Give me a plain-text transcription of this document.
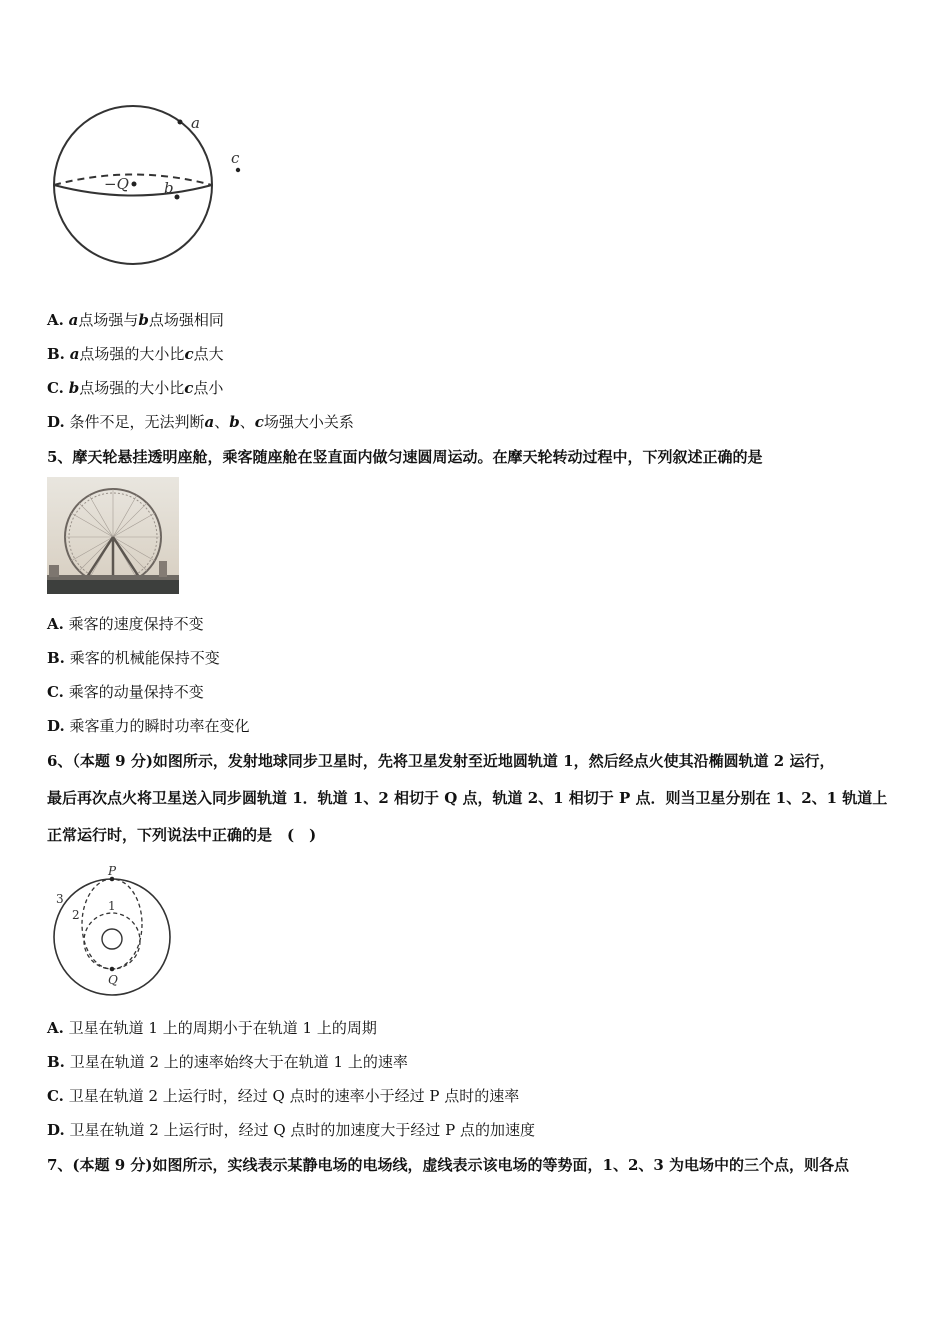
a
c
−Q b
A. a点场强与b点场强相同
B. a点场强的大小比c点大
C. b点场强的大小比c点小
D. 条件不足，无法判断a、b、c场强大小关系
5、摩天轮悬挂透明座舱，乘客随座舱在竖直面内做匀速圆周运动。在摩天轮转动过程中，下列叙述正确的是
A. 乘客的速度保持不变
B. 乘客的机械能保持不变
C. 乘客的动量保持不变
D. 乘客重力的瞬时功率在变化
6、（本题 9 分)如图所示，发射地球同步卫星时，先将卫星发射至近地圆轨道 1，然后经点火使其沿椭圆轨道 2 运行，
最后再次点火将卫星送入同步圆轨道 1．轨道 1、2 相切于 Q 点，轨道 2、1 相切于 P 点．则当卫星分别在 1、2、1 轨道上
正常运行时，下列说法中正确的是　(　)
P
Q
1
2
3
A. 卫星在轨道 1 上的周期小于在轨道 1 上的周期
B. 卫星在轨道 2 上的速率始终大于在轨道 1 上的速率
C. 卫星在轨道 2 上运行时，经过 Q 点时的速率小于经过 P 点时的速率
D. 卫星在轨道 2 上运行时，经过 Q 点时的加速度大于经过 P 点的加速度
7、(本题 9 分)如图所示，实线表示某静电场的电场线，虚线表示该电场的等势面，1、2、3 为电场中的三个点，则各点
